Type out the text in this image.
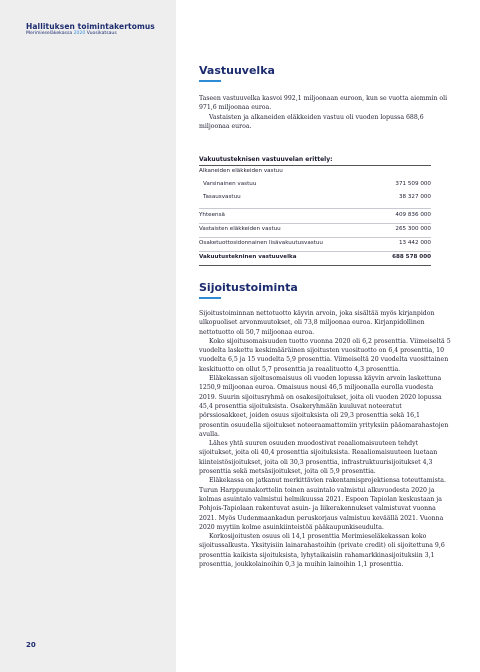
Hallituksen toimintakertomus
Merimieseläkekassa 2020 Vuosikatsaus
20
Vastuuvelka

Taseen vastuuvelka kasvoi 992,1 miljoonaan euroon, kun se vuotta aiemmin oli 971,6 miljoonaa euroa.

Vastaisten ja alkaneiden eläkkeiden vastuu oli vuoden lopussa 688,6 miljoonaa euroa.

Vakuutusteknisen vastuuvelan erittely:
Alkaneiden eläkkeiden vastuu
Varsinainen vastuu	371 509 000
Tasausvastuu	38 327 000
Yhteensä	409 836 000
Vastaisten eläkkeiden vastuu	265 300 000
Osaketuottosidonnainen lisävakuutusvastuu	13 442 000
Vakuutustekninen vastuuvelka	688 578 000
Sijoitustoiminta

Sijoitustoiminnan nettotuotto käyvin arvoin, joka sisältää myös kirjanpidon ulkopuoliset arvonmuutokset, oli 73,8 miljoonaa euroa. Kirjanpidollinen nettotuotto oli 50,7 miljoonaa euroa.

Koko sijoitusomaisuuden tuotto vuonna 2020 oli 6,2 prosenttia. Viimeiseltä 5 vuodelta laskettu keskimääräinen sijoitusten vuosituotto on 6,4 prosenttia, 10 vuodelta 6,5 ja 15 vuodelta 5,9 prosenttia. Viimeiseltä 20 vuodelta vuosittainen keskituotto on ollut 5,7 prosenttia ja reaalituotto 4,3 prosenttia.

Eläkekassan sijoitusomaisuus oli vuoden lopussa käyvin arvoin laskettuna 1250,9 miljoonaa euroa. Omaisuus nousi 46,5 miljoonalla eurolla vuodesta 2019. Suurin sijoitusryhmä on osakesijoitukset, joita oli vuoden 2020 lopussa 45,4 prosenttia sijoituksista. Osakeryhmään kuuluvat noteeratut pörssiosakkeet, joiden osuus sijoituksista oli 29,3 prosenttia sekä 16,1 prosentin osuudella sijoitukset noteeraamattomiin yrityksiin pääomarahastojen avulla.

Lähes yhtä suuren osuuden muodostivat reaaliomaisuuteen tehdyt sijoitukset, joita oli 40,4 prosenttia sijoituksista. Reaaliomaisuuteen luetaan kiinteistösijoitukset, joita oli 30,3 prosenttia, infrastruktuurisijoitukset 4,3 prosenttia sekä metsäsijoitukset, joita oli 5,9 prosenttia.

Eläkekassa on jatkanut merkittävien rakentamisprojektiensa toteuttamista. Turun Harppuunakorttelin toinen asuintalo valmistui alkuvuodesta 2020 ja kolmas asuintalo valmistui helmikuussa 2021. Espoon Tapiolan keskustaan ja Pohjois-Tapiolaan rakentuvat asuin- ja liikerakennukset valmistuvat vuonna 2021. Myös Uudenmaankadun peruskorjaus valmistuu keväällä 2021. Vuonna 2020 myytiin kolme asuinkiinteistöä pääkaupunkiseudulta.

Korkosijoitusten osuus oli 14,1 prosenttia Merimieseläkekassan koko sijoitussalkusta. Yksityisiin lainarahastoihin (private credit) oli sijoitettuna 9,6 prosenttia kaikista sijoituksista, lyhytaikaisiin rahamarkkinasijoituksiin 3,1 prosenttia, joukkolainoihin 0,3 ja muihin lainoihin 1,1 prosenttia.
